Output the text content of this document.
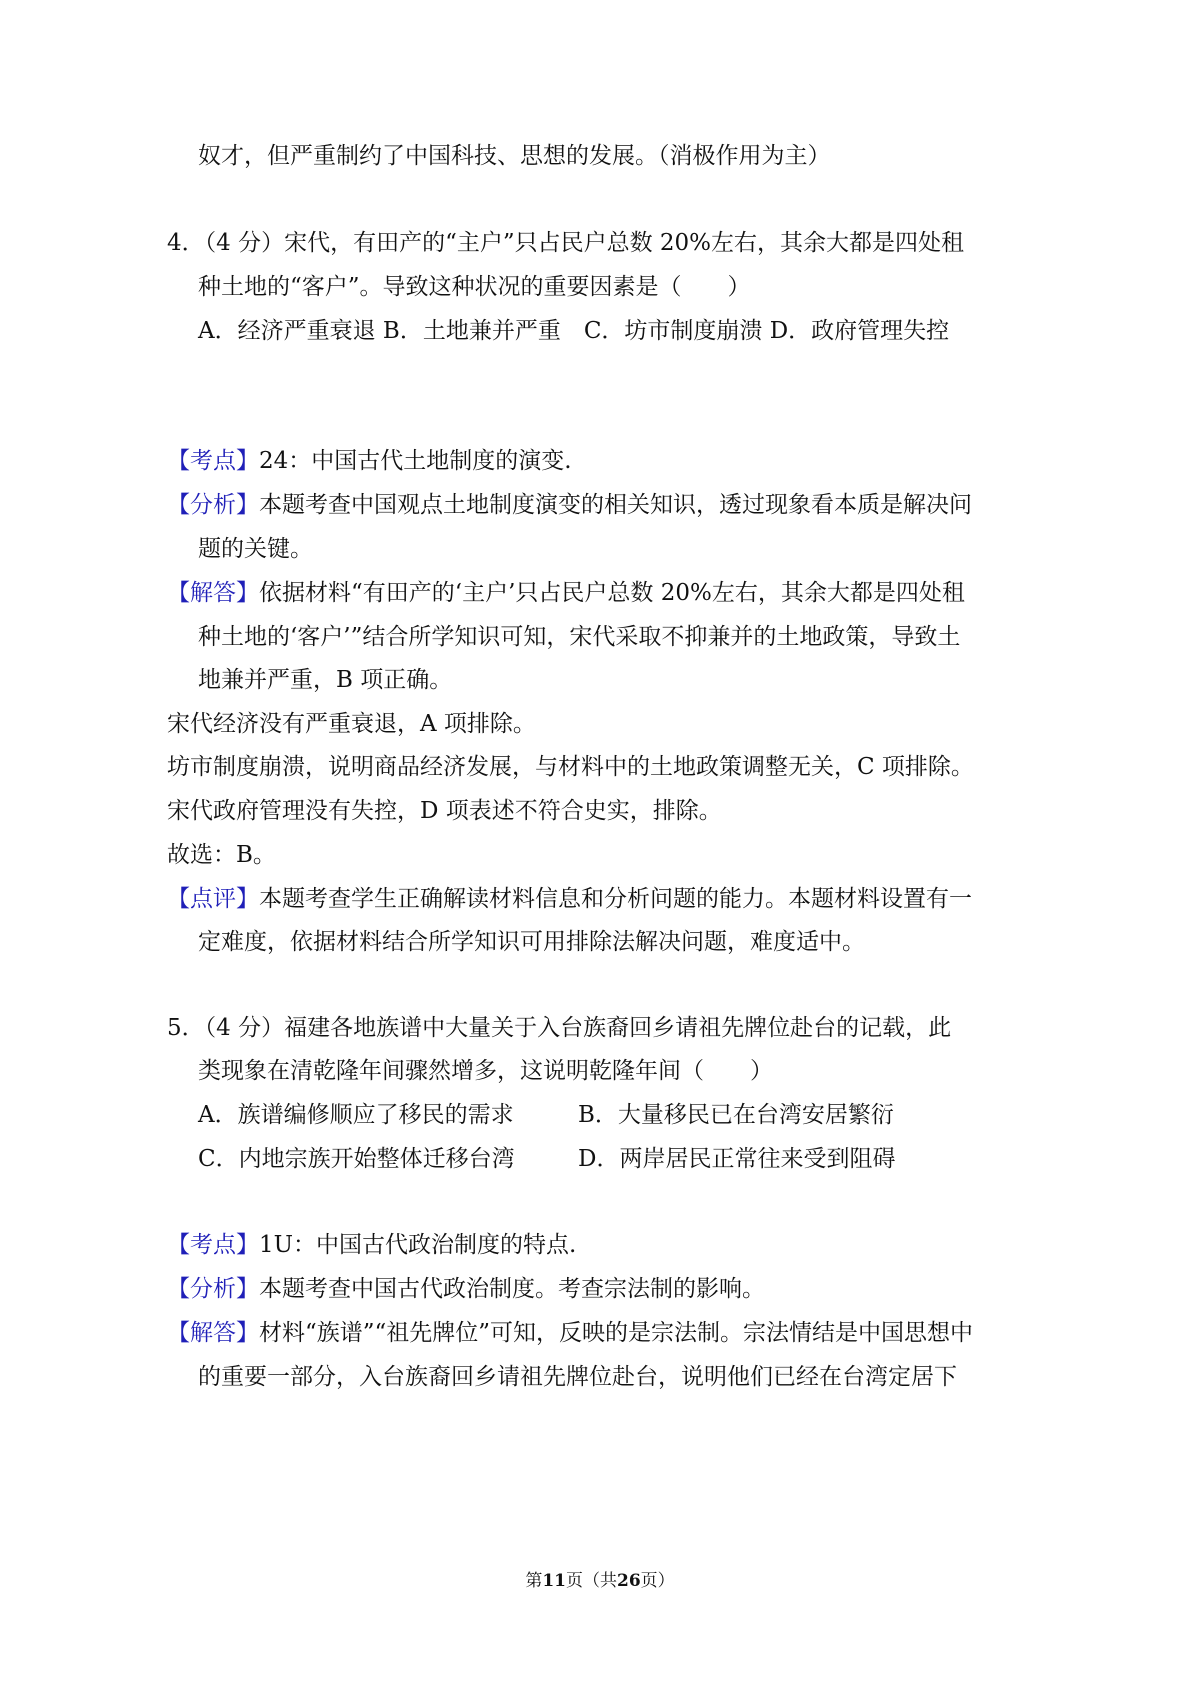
奴才，但严重制约了中国科技、思想的发展。（消极作用为主）
4．（4 分）宋代，有田产的“主户”只占民户总数 20%左右，其余大都是四处租
种土地的“客户”。导致这种状况的重要因素是（　　）
A．经济严重衰退 B．土地兼并严重　C．坊市制度崩溃 D．政府管理失控
【考点】24：中国古代土地制度的演变.
【分析】本题考查中国观点土地制度演变的相关知识，透过现象看本质是解决问
题的关键。
【解答】依据材料“有田产的‘主户’只占民户总数 20%左右，其余大都是四处租
种土地的‘客户’”结合所学知识可知，宋代采取不抑兼并的土地政策，导致土
地兼并严重，B 项正确。
宋代经济没有严重衰退，A 项排除。
坊市制度崩溃，说明商品经济发展，与材料中的土地政策调整无关，C 项排除。
宋代政府管理没有失控，D 项表述不符合史实，排除。
故选：B。
【点评】本题考查学生正确解读材料信息和分析问题的能力。本题材料设置有一
定难度，依据材料结合所学知识可用排除法解决问题，难度适中。
5．（4 分）福建各地族谱中大量关于入台族裔回乡请祖先牌位赴台的记载，此
类现象在清乾隆年间骤然增多，这说明乾隆年间（　　）
A．族谱编修顺应了移民的需求	B．大量移民已在台湾安居繁衍
C．内地宗族开始整体迁移台湾	D．两岸居民正常往来受到阻碍
【考点】1U：中国古代政治制度的特点.
【分析】本题考查中国古代政治制度。考查宗法制的影响。
【解答】材料“族谱”“祖先牌位”可知，反映的是宗法制。宗法情结是中国思想中
的重要一部分，入台族裔回乡请祖先牌位赴台，说明他们已经在台湾定居下
第11页（共26页）
